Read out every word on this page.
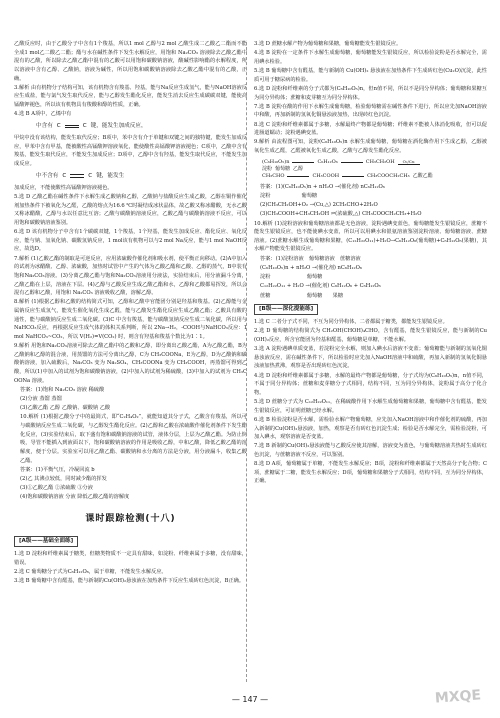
乙酸反应时，由于乙酸分子中含有1个羧基，所以1 mol 乙醇与2 mol 乙酸生成二乙酸乙二酯而不能全成1 mol乙二酸乙二酯；酯与水在碱性条件下发生水解反应，用饱和 Na₂CO₃ 溶液除去乙酸乙酯中混有的乙酸，所以除去乙酸乙酯中混有的乙酸可以用饱和碳酸钠溶液，酸碱性影响酯的水解程度，所以溶液中含有乙醇、乙酸钠，溶液为碱性，所以用饱和碳酸钠溶液除去乙酸乙酯中混有的乙酸，正确。
3.解析 由有机物分子结构可知，该有机物含有羧基、羟基，能与Na反应生成氢气，能与NaOH溶液反应生成盐，能与氯气发生取代反应，能与乙醇发生酯化反应，能发生消去反应生成碳碳双键，能使高锰酸钾褪色，所以该有机物具有羧酸和醇的性质，正确。
4.选 B A项中，乙烯中有
中含有 C	C 键，能发生加成反应，
甲烷中没有该结构，能发生取代反应；B项中，苯中含有介于单键和双键之间的独特键，能发生加成反应，甲苯中含有甲基，能被酸性高锰酸钾溶液氧化，能使酸性高锰酸钾溶液褪色；C项中，乙酸中含有羧基，能发生取代反应，不能发生加成反应；D项中，乙醇中含有羟基，能发生取代反应，不能发生加成反应。
中不含有 C	C 键，能发生
加成反应，不能使酸性高锰酸钾溶液褪色。
5.选 D 乙酸乙酯在碱性条件下水解生成乙酸钠和乙醇，乙酸钠与盐酸反应生成乙酸，乙醇在铜作催化剂加热条件下被氧化为乙醛，乙酸的熔点为16.6 ℃时凝结成冰状晶体，故乙酸又称冰醋酸，无水乙酸又称冰醋酸，乙醇与水以任意比互溶；乙酸与碳酸钠溶液反应，乙酸乙酯与碳酸钠溶液不反应，可以用饱和碳酸钠溶液鉴别。
6.选 D 该有机物分子中含有1个碳碳双键，1个羧基，1个羟基，能发生加成反应、酯化反应、氧化反应，能与钠、氢氧化钠、碳酸氢钠反应，1 mol该有机物可以与2 mol Na反应，能与1 mol NaOH反应，故选D。
7.解析 (1)乙酸乙酯的制取是可逆反应，应用浓硫酸作催化剂和吸水剂，使平衡正向移动。(2)A中加入的试剂为冰醋酸、乙醇、浓硫酸，加热时试管中产生的气体为乙酸乙酯和乙酸、乙醇的蒸气，B中装有饱和Na₂CO₃溶液。(3)分离乙酸乙酯与饱和Na₂CO₃溶液用分液法，实验结束后，用分液漏斗分离，乙酸乙酯在上层，溶液在下层。(4)乙醇与乙酸反应生成乙酸乙酯和水，乙醇和乙酸都易挥发，所以会混有乙醇和乙酸，用饱和 Na₂CO₃ 溶液吸收乙酸，溶解乙醇。
8.解析 (1)根据乙醇和乙酸的结构简式可知，乙醇和乙酸中官能团分别是羟基和羧基。(2)乙醇能与金属钠反应生成氢气，能发生催化氧化生成乙醛，能与乙酸发生酯化反应生成乙酸乙酯；乙酸具有酸的通性，能与碳酸钠反应生成二氧化碳。(3)C 中含有羧基，能与碳酸氢钠反应生成二氧化碳，所以用与NaHCO₃反应，再根据反应生成气体的体积关系判断，所以 2Na→H₂，-COOH与NaHCO₃反应：1mol NaHCO₃~CO₂，所以 V(H₂)=V(CO₂) 时，则含有羟基和羧基个数比为1∶1。
9.解析 用饱和Na₂CO₃溶液可除去乙酸乙酯中的乙酸和乙醇，即分离出乙酸乙酯，A为乙酸乙酯，B为乙酸钠和乙醇的混合液，用蒸馏的方法可分离出乙醇，C为 CH₃COONa，E为乙醇，D为乙酸钠和碳酸钠溶液，加入硫酸后，Na₂CO₃ 变为 Na₂SO₄，CH₃COONa 变为 CH₃COOH，再蒸馏可得到乙酸，所以(1)中加入的试剂为饱和碳酸钠溶液，(2)中加入的试剂为稀硫酸，(3)中加入的试剂为 CH₃COONa 溶液。
答案：(1)饱和 Na₂CO₃ 溶液 稀硫酸
(2)分液 蒸馏 蒸馏
(3)乙酸乙酯 乙醇 乙酸钠、碳酸钠 乙酸
10.解析 (1)根据乙酸分子中的最简式，即“C₂H₄O₂”，就能知道其分子式，乙酸含有羧基，所以可与碳酸钠反应生成二氧化碳，与乙醇发生酯化反应。(2)乙醇和乙酸在浓硫酸作催化剂条件下发生酯化反应，(3)实验结束后，取下盛有饱和碳酸钠溶液的试管，液体分层，上层为乙酸乙酯。为防止倒吸，导管不能插入到液面以下，饱和碳酸钠溶液的作用是吸收乙醇，中和乙酸，降低乙酸乙酯的溶解度，便于分层。实验室可以用乙酸乙酯、碳酸钠和水分离的方法是分液，用分液漏斗，收集乙酸乙酯。
答案：(1)平衡气压，冷凝回流 b
(2)乙 其沸点较低，同时减少酯的挥发
(3)①乙酸乙酯 ②浓硫酸 ③分液
(4)饱和碳酸钠溶液 分液 降低乙酸乙酯的溶解度
课时跟踪检测(十八)
[A级——基础全面练]
1.选 D 淀粉和纤维素属于糖类，但糖类物质不一定具有甜味，如淀粉、纤维素属于多糖，没有甜味，错误。
2.选 C 葡萄糖分子式为C₆H₁₂O₆，属于单糖，不能发生水解反应。
3.选 B 葡萄糖中含有醛基，能与新制的Cu(OH)₂悬浊液在加热条件下反应生成砖红色沉淀，B正确。
3.选 D 蔗糖水解产物为葡萄糖和果糖，葡萄糖能发生银镜反应。
4.选 B 淀粉在一定条件下水解生成葡萄糖，葡萄糖能发生银镜反应，所以检验淀粉是否水解完全，需用碘水检验。
5.选 B 葡萄糖中含有醛基，能与新制的 Cu(OH)₂ 悬浊液在加热条件下生成砖红色(Cu₂O)沉淀，此性质可用于糖尿病的检验。
6.选 D 淀粉和纤维素的分子式都为(C₆H₁₀O₅)n，但n值不同，所以不是同分异构体；葡萄糖和果糖互为同分异构体；蔗糖和麦芽糖互为同分异构体。
7.选 B 淀粉在酸的作用下水解生成葡萄糖，检验葡萄糖需在碱性条件下进行，所以应先加NaOH溶液中和酸，再加新制的氢氧化铜悬浊液加热，出现砖红色沉淀。
8.选 C 淀粉和纤维素都属于多糖，水解最终产物都是葡萄糖；纤维素不能被人体消化吸收，但可以促进肠道蠕动；淀粉遇碘变蓝。
9.解析 由流程图可知，淀粉(C₆H₁₀O₅)n 水解生成葡萄糖，葡萄糖在酒化酶作用下生成乙醇，乙醇被氧化生成乙醛，乙醛被氧化生成乙酸，乙酸与乙醇发生酯化反应。
(C₆H₁₀O₅)n	C₆H₁₂O₆	CH₃CH₂OH O₂/Cu
淀粉 葡萄糖 乙醇
CH₃CHO	CH₃COOH	CH₃COOCH₂CH₃ 乙酸乙酯
答案：(1)(C₆H₁₀O₅)n + nH₂O →(催化剂) nC₆H₁₂O₆
淀粉　　　　　　葡萄糖
(2)CH₃CH₂OH+O₂ →(Cu,△) 2CH₃CHO+2H₂O
(3)CH₃COOH+CH₃CH₂OH ⇌(浓硫酸,△) CH₃COOCH₂CH₃+H₂O
10.解析 (1)淀粉溶液和葡萄糖溶液都是无色溶液，淀粉遇碘变蓝色，葡萄糖能发生银镜反应，蔗糖不能发生银镜反应，也不能使碘水变蓝，所以可以用碘水和银氨溶液鉴别淀粉溶液、葡萄糖溶液、蔗糖溶液。(2)蔗糖水解生成葡萄糖和果糖，(C₁₂H₂₂O₁₁)+H₂O→C₆H₁₂O₆(葡萄糖)+C₆H₁₂O₆(果糖)，其水解产物能发生银镜反应。
答案：(1)淀粉溶液　葡萄糖溶液　蔗糖溶液
(C₆H₁₀O₅)n + nH₂O →(催化剂) nC₆H₁₂O₆
淀粉　　　　　　　葡萄糖
C₁₂H₂₂O₁₁ + H₂O →(催化剂) C₆H₁₂O₆ + C₆H₁₂O₆
蔗糖　　　　　　　葡萄糖　　果糖
[B级——深化提能练]
1.选 C 二者分子式不同，不互为同分异构体，二者都属于糖类，都能发生银镜反应。
2.选 D 葡萄糖的结构简式为 CH₂OH(CHOH)₄CHO，含有醛基，能发生银镜反应，能与新制的Cu(OH)₂反应，所含官能团为羟基和醛基，葡萄糖是单糖，不能水解。
3.选 A 淀粉遇碘单质变蓝，若淀粉完全水解，则加入碘水后溶液不变蓝；葡萄糖能与新制的氢氧化铜悬浊液反应，需在碱性条件下，所以检验时应先加入NaOH溶液中和硫酸，再加入新制的氢氧化铜悬浊液加热煮沸，观察是否出现砖红色沉淀。
4.选 D 淀粉和纤维素都属于多糖，水解的最终产物都是葡萄糖，分子式均为(C₆H₁₀O₅)n，n值不同，不属于同分异构体；蔗糖和麦芽糖分子式相同，结构不同，互为同分异构体，淀粉属于高分子化合物。
5.选 D 蔗糖分子式为 C₁₂H₂₂O₁₁，在稀硫酸作用下水解生成葡萄糖和果糖，葡萄糖中含有醛基，能发生银镜反应，可证明蔗糖已经水解。
6.选 B 检验淀粉是否水解，需检验水解产物葡萄糖，应先加入NaOH溶液中和作催化剂的硫酸，再加入新制的Cu(OH)₂悬浊液，加热，观察是否有砖红色沉淀生成；检验是否水解完全，需检验淀粉，可加入碘水，观察溶液是否变蓝。
7.选 B 新制的Cu(OH)₂悬浊液能与乙酸反应使其溶解，溶液变为蓝色，与葡萄糖溶液共热时生成砖红色沉淀，与蔗糖溶液不反应，可以鉴别。
8.选 D A项，葡萄糖属于单糖，不能发生水解反应；B项，淀粉和纤维素都属于天然高分子化合物；C项，蔗糖属于二糖，能发生水解反应；D项，葡萄糖和果糖分子式相同，结构不同，互为同分异构体，正确。
— 147 —	MXQE
